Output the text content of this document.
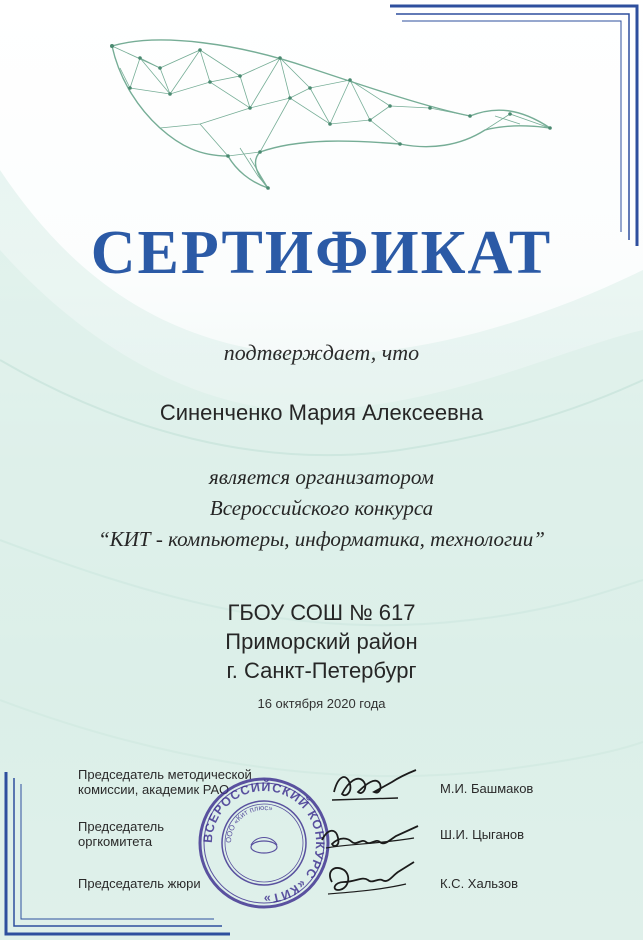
СЕРТИФИКАТ
подтверждает, что
Синенченко Мария Алексеевна
является организатором
Всероссийского конкурса
“КИТ - компьютеры, информатика, технологии”
ГБОУ СОШ № 617
Приморский район
г. Санкт-Петербург
16 октября 2020 года
Председатель методической
комиссии, академик РАО	М.И. Башмаков
Председатель
оргкомитета	Ш.И. Цыганов
Председатель жюри	К.С. Хальзов
ВСЕРОССИЙСКИЙ КОНКУРС «КИТ»
ООО «Кит плюс»
